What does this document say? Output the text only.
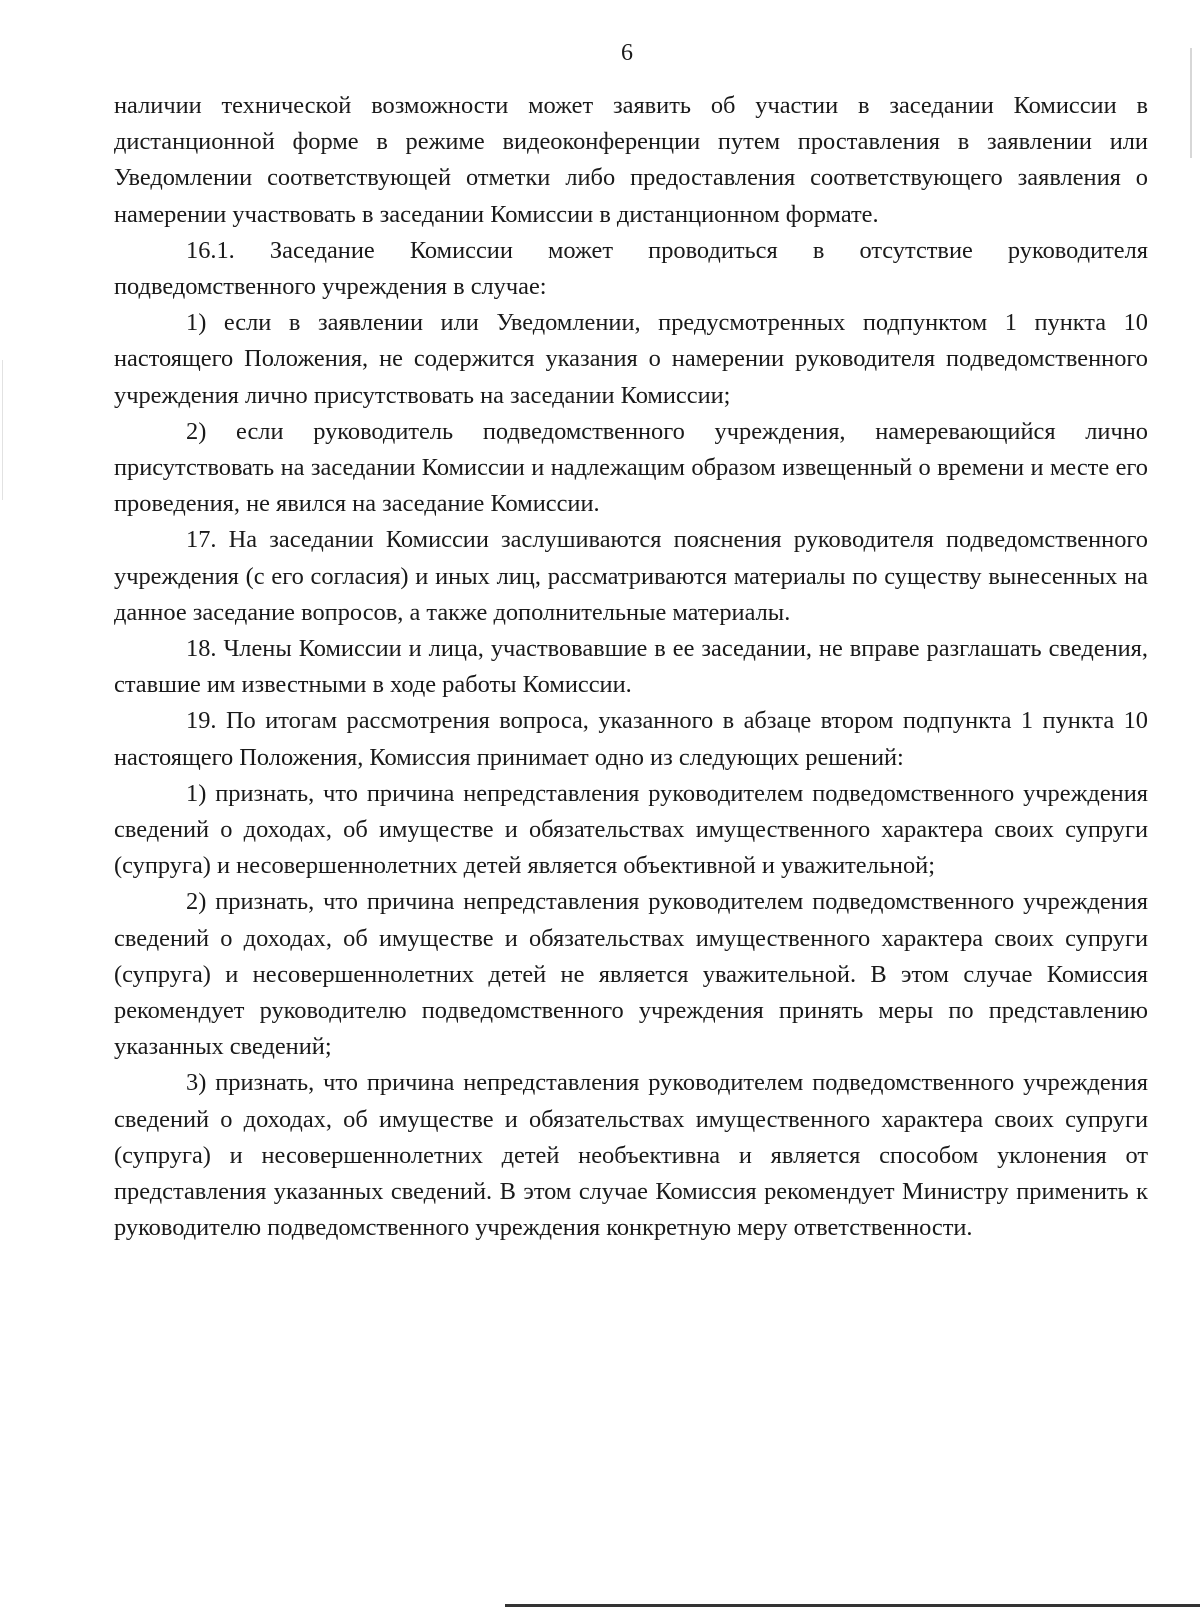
6

наличии технической возможности может заявить об участии в заседании Комиссии в дистанционной форме в режиме видеоконференции путем проставления в заявлении или Уведомлении соответствующей отметки либо предоставления соответствующего заявления о намерении участвовать в заседании Комиссии в дистанционном формате.

16.1. Заседание Комиссии может проводиться в отсутствие руководителя подведомственного учреждения в случае:

1) если в заявлении или Уведомлении, предусмотренных подпунктом 1 пункта 10 настоящего Положения, не содержится указания о намерении руководителя подведомственного учреждения лично присутствовать на заседании Комиссии;

2) если руководитель подведомственного учреждения, намеревающийся лично присутствовать на заседании Комиссии и надлежащим образом извещенный о времени и месте его проведения, не явился на заседание Комиссии.

17. На заседании Комиссии заслушиваются пояснения руководителя подведомственного учреждения (с его согласия) и иных лиц, рассматриваются материалы по существу вынесенных на данное заседание вопросов, а также дополнительные материалы.

18. Члены Комиссии и лица, участвовавшие в ее заседании, не вправе разглашать сведения, ставшие им известными в ходе работы Комиссии.

19. По итогам рассмотрения вопроса, указанного в абзаце втором подпункта 1 пункта 10 настоящего Положения, Комиссия принимает одно из следующих решений:

1) признать, что причина непредставления руководителем подведомственного учреждения сведений о доходах, об имуществе и обязательствах имущественного характера своих супруги (супруга) и несовершеннолетних детей является объективной и уважительной;

2) признать, что причина непредставления руководителем подведомственного учреждения сведений о доходах, об имуществе и обязательствах имущественного характера своих супруги (супруга) и несовершеннолетних детей не является уважительной. В этом случае Комиссия рекомендует руководителю подведомственного учреждения принять меры по представлению указанных сведений;

3) признать, что причина непредставления руководителем подведомственного учреждения сведений о доходах, об имуществе и обязательствах имущественного характера своих супруги (супруга) и несовершеннолетних детей необъективна и является способом уклонения от представления указанных сведений. В этом случае Комиссия рекомендует Министру применить к руководителю подведомственного учреждения конкретную меру ответственности.
